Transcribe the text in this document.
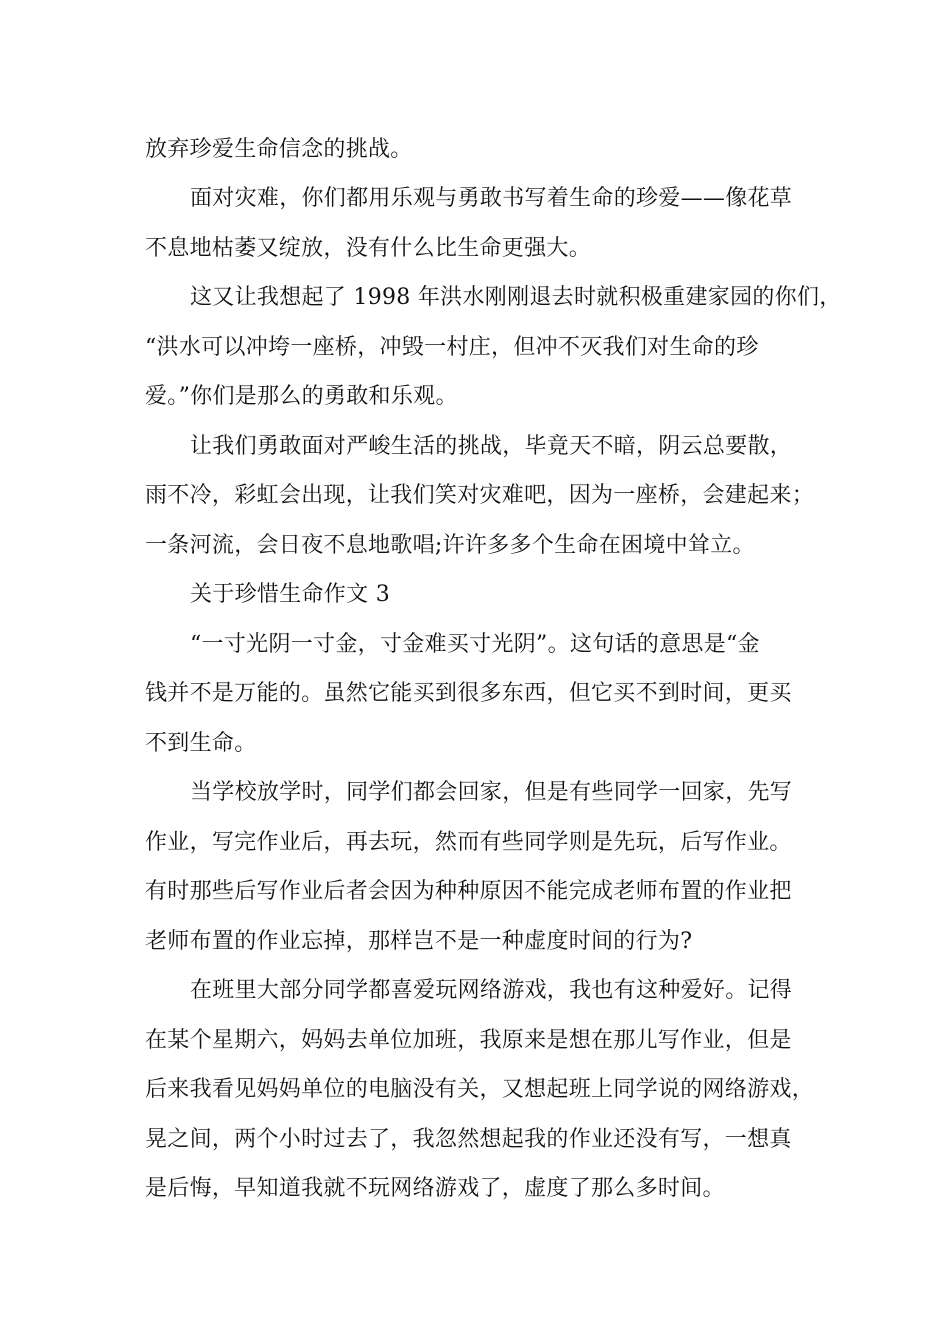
放弃珍爱生命信念的挑战。
面对灾难，你们都用乐观与勇敢书写着生命的珍爱——像花草
不息地枯萎又绽放，没有什么比生命更强大。
这又让我想起了 1998 年洪水刚刚退去时就积极重建家园的你们，
“洪水可以冲垮一座桥，冲毁一村庄，但冲不灭我们对生命的珍
爱。”你们是那么的勇敢和乐观。
让我们勇敢面对严峻生活的挑战，毕竟天不暗，阴云总要散，
雨不冷，彩虹会出现，让我们笑对灾难吧，因为一座桥，会建起来；
一条河流，会日夜不息地歌唱;许许多多个生命在困境中耸立。
关于珍惜生命作文 3
“一寸光阴一寸金，寸金难买寸光阴”。这句话的意思是“金
钱并不是万能的。虽然它能买到很多东西，但它买不到时间，更买
不到生命。
当学校放学时，同学们都会回家，但是有些同学一回家，先写
作业，写完作业后，再去玩，然而有些同学则是先玩，后写作业。
有时那些后写作业后者会因为种种原因不能完成老师布置的作业把
老师布置的作业忘掉，那样岂不是一种虚度时间的行为?
在班里大部分同学都喜爱玩网络游戏，我也有这种爱好。记得
在某个星期六，妈妈去单位加班，我原来是想在那儿写作业，但是
后来我看见妈妈单位的电脑没有关，又想起班上同学说的网络游戏，
晃之间，两个小时过去了，我忽然想起我的作业还没有写，一想真
是后悔，早知道我就不玩网络游戏了，虚度了那么多时间。
